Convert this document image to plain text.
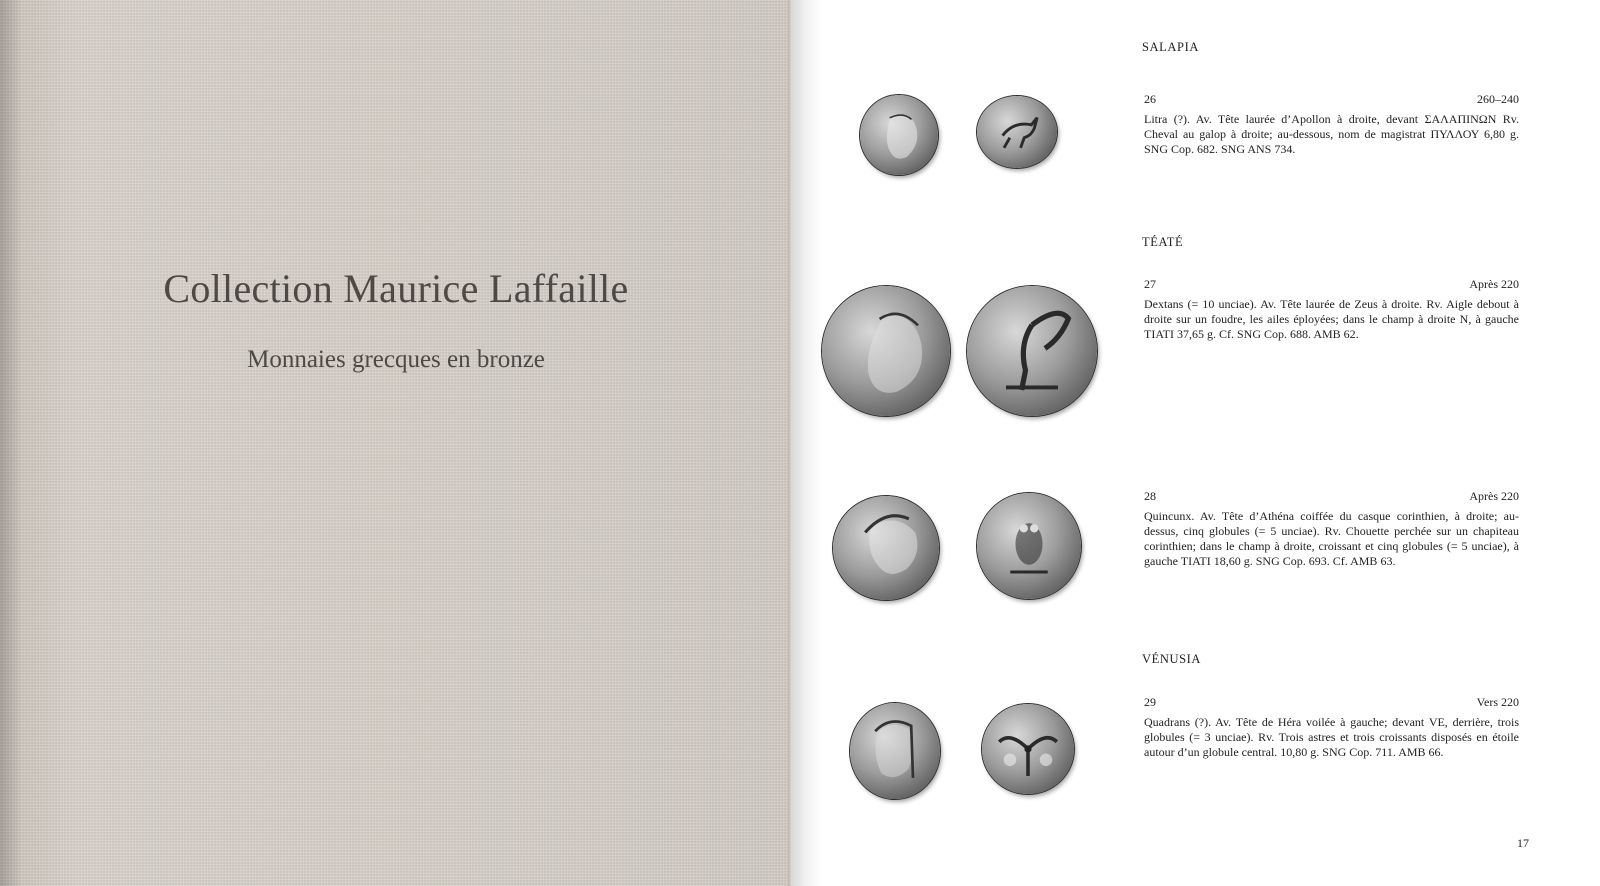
Collection Maurice Laffaille
Monnaies grecques en bronze
SALAPIA
26	260–240
Litra (?). Av. Tête laurée d’Apollon à droite, devant ΣΑΛΑΠΙΝΩΝ Rv. Cheval au galop à droite; au-dessous, nom de magistrat ΠΥΛΛΟΥ 6,80 g. SNG Cop. 682. SNG ANS 734.
TÉATÉ
27	Après 220
Dextans (= 10 unciae). Av. Tête laurée de Zeus à droite. Rv. Aigle debout à droite sur un foudre, les ailes éployées; dans le champ à droite N, à gauche TIATI 37,65 g. Cf. SNG Cop. 688. AMB 62.
28	Après 220
Quincunx. Av. Tête d’Athéna coiffée du casque corinthien, à droite; au-dessus, cinq globules (= 5 unciae). Rv. Chouette perchée sur un chapiteau corinthien; dans le champ à droite, croissant et cinq globules (= 5 unciae), à gauche TIATI 18,60 g. SNG Cop. 693. Cf. AMB 63.
VÉNUSIA
29	Vers 220
Quadrans (?). Av. Tête de Héra voilée à gauche; devant VE, derrière, trois globules (= 3 unciae). Rv. Trois astres et trois croissants disposés en étoile autour d’un globule central. 10,80 g. SNG Cop. 711. AMB 66.
17
